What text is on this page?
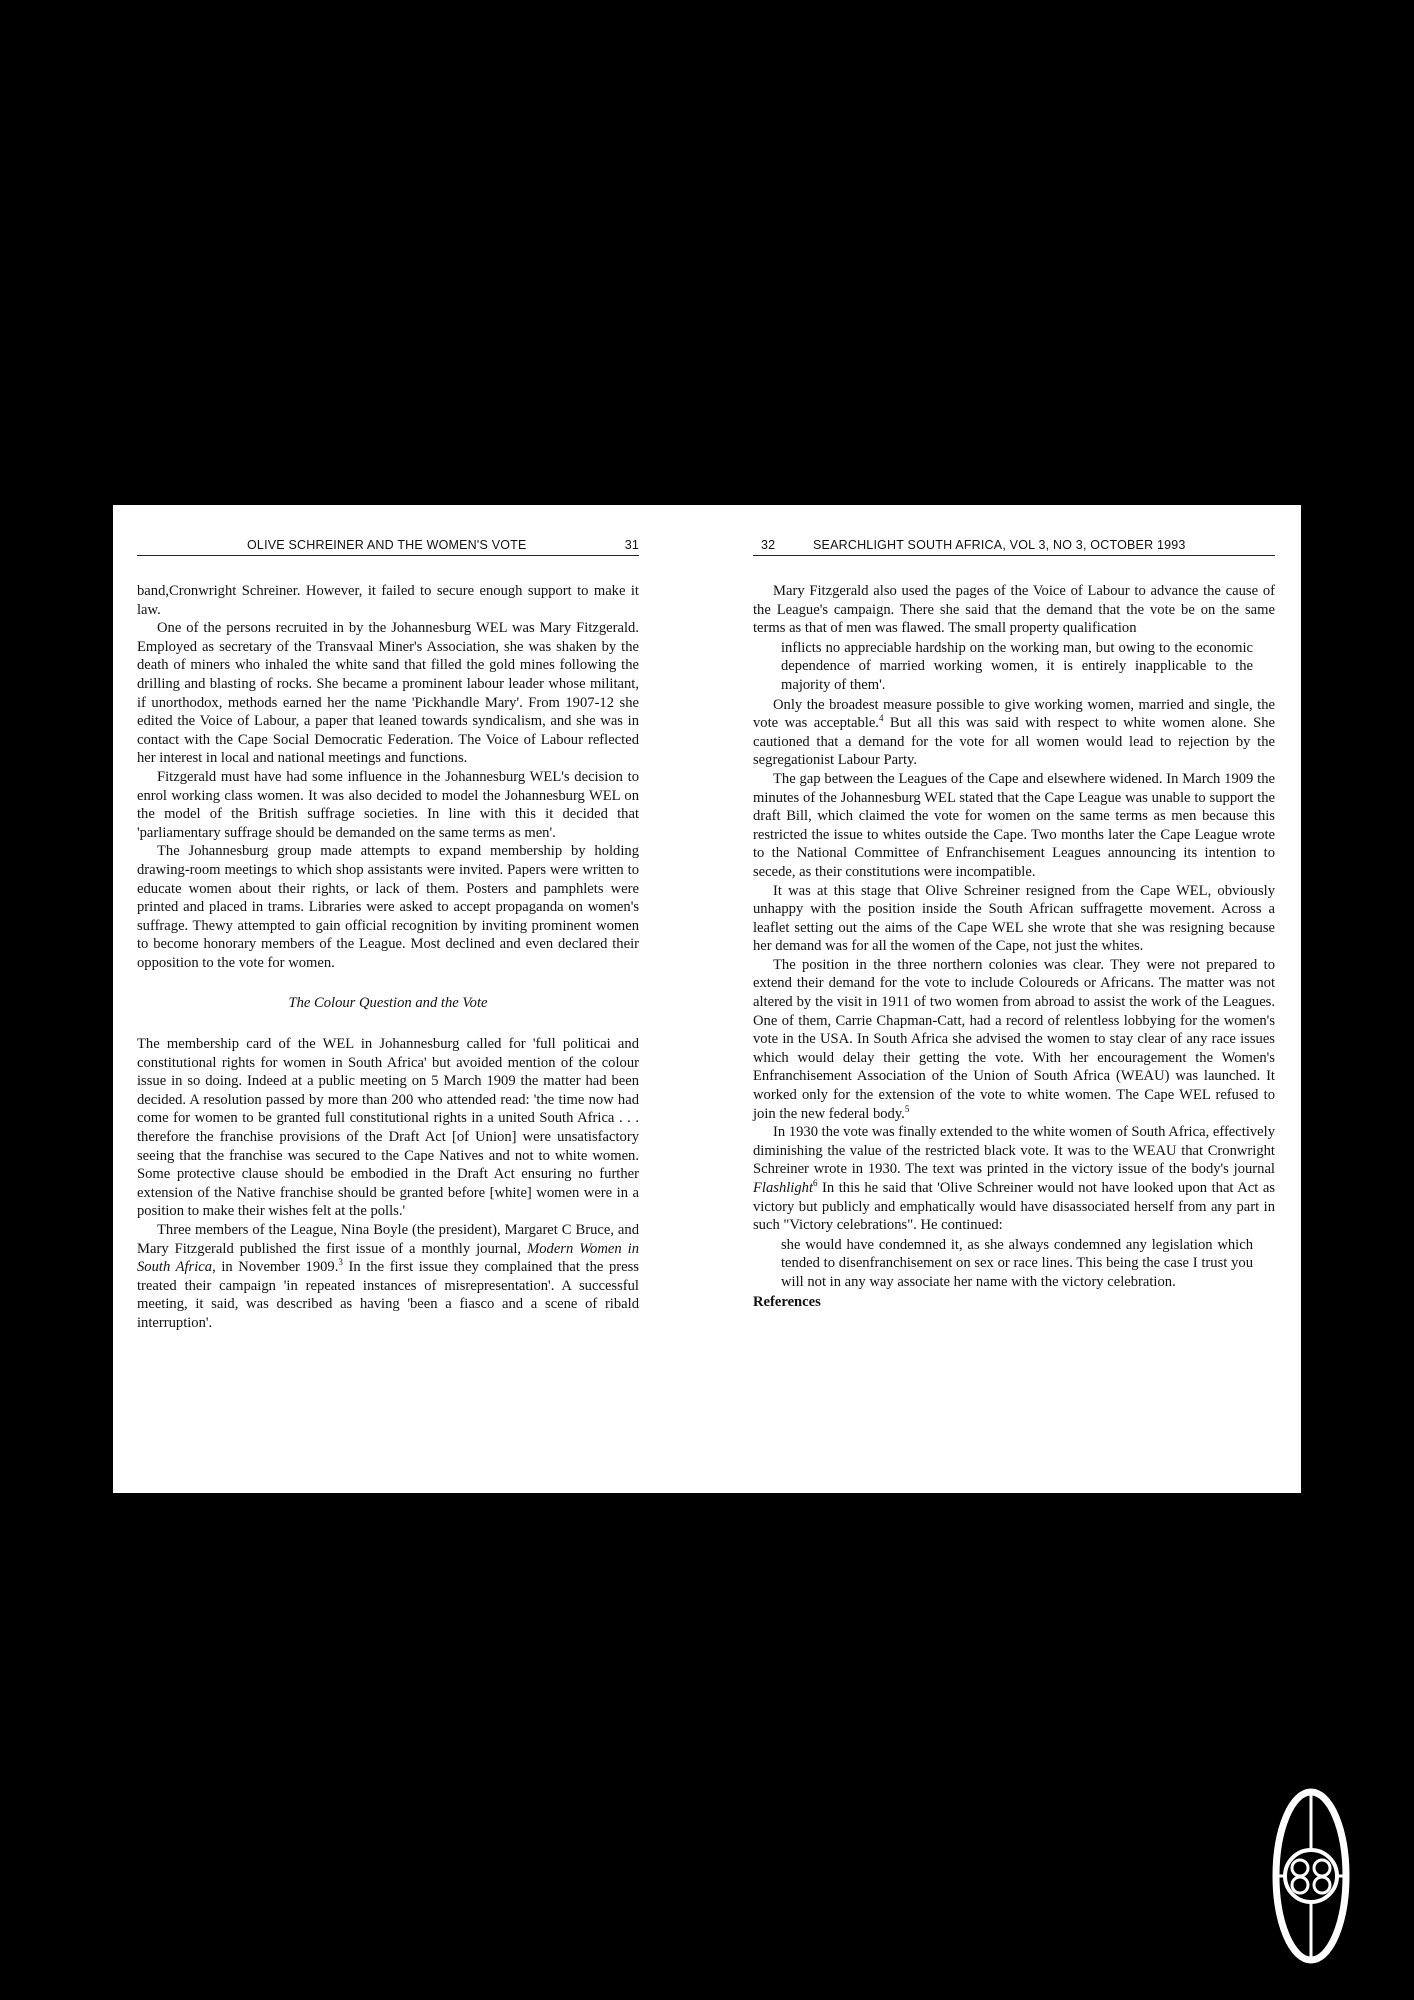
OLIVE SCHREINER AND THE WOMEN'S VOTE	31

band,Cronwright Schreiner. However, it failed to secure enough support to make it law.

One of the persons recruited in by the Johannesburg WEL was Mary Fitzgerald. Employed as secretary of the Transvaal Miner's Association, she was shaken by the death of miners who inhaled the white sand that filled the gold mines following the drilling and blasting of rocks. She became a prominent labour leader whose militant, if unorthodox, methods earned her the name 'Pickhandle Mary'. From 1907-12 she edited the Voice of Labour, a paper that leaned towards syndicalism, and she was in contact with the Cape Social Democratic Federation. The Voice of Labour reflected her interest in local and national meetings and functions.

Fitzgerald must have had some influence in the Johannesburg WEL's decision to enrol working class women. It was also decided to model the Johannesburg WEL on the model of the British suffrage societies. In line with this it decided that 'parliamentary suffrage should be demanded on the same terms as men'.

The Johannesburg group made attempts to expand membership by holding drawing-room meetings to which shop assistants were invited. Papers were written to educate women about their rights, or lack of them. Posters and pamphlets were printed and placed in trams. Libraries were asked to accept propaganda on women's suffrage. Thewy attempted to gain official recognition by inviting prominent women to become honorary members of the League. Most declined and even declared their opposition to the vote for women.

The Colour Question and the Vote

The membership card of the WEL in Johannesburg called for 'full politicai and constitutional rights for women in South Africa' but avoided mention of the colour issue in so doing. Indeed at a public meeting on 5 March 1909 the matter had been decided. A resolution passed by more than 200 who attended read: 'the time now had come for women to be granted full constitutional rights in a united South Africa . . . therefore the franchise provisions of the Draft Act [of Union] were unsatisfactory seeing that the franchise was secured to the Cape Natives and not to white women. Some protective clause should be embodied in the Draft Act ensuring no further extension of the Native franchise should be granted before [white] women were in a position to make their wishes felt at the polls.'

Three members of the League, Nina Boyle (the president), Margaret C Bruce, and Mary Fitzgerald published the first issue of a monthly journal, Modern Women in South Africa, in November 1909.$^3$ In the first issue they complained that the press treated their campaign 'in repeated instances of misrepresentation'. A successful meeting, it said, was described as having 'been a fiasco and a scene of ribald interruption'.

32	SEARCHLIGHT SOUTH AFRICA, VOL 3, NO 3, OCTOBER 1993

Mary Fitzgerald also used the pages of the Voice of Labour to advance the cause of the League's campaign. There she said that the demand that the vote be on the same terms as that of men was flawed. The small property qualification

inflicts no appreciable hardship on the working man, but owing to the economic dependence of married working women, it is entirely inapplicable to the majority of them'.

Only the broadest measure possible to give working women, married and single, the vote was acceptable.$^4$ But all this was said with respect to white women alone. She cautioned that a demand for the vote for all women would lead to rejection by the segregationist Labour Party.

The gap between the Leagues of the Cape and elsewhere widened. In March 1909 the minutes of the Johannesburg WEL stated that the Cape League was unable to support the draft Bill, which claimed the vote for women on the same terms as men because this restricted the issue to whites outside the Cape. Two months later the Cape League wrote to the National Committee of Enfranchisement Leagues announcing its intention to secede, as their constitutions were incompatible.

It was at this stage that Olive Schreiner resigned from the Cape WEL, obviously unhappy with the position inside the South African suffragette movement. Across a leaflet setting out the aims of the Cape WEL she wrote that she was resigning because her demand was for all the women of the Cape, not just the whites.

The position in the three northern colonies was clear. They were not prepared to extend their demand for the vote to include Coloureds or Africans. The matter was not altered by the visit in 1911 of two women from abroad to assist the work of the Leagues. One of them, Carrie Chapman-Catt, had a record of relentless lobbying for the women's vote in the USA. In South Africa she advised the women to stay clear of any race issues which would delay their getting the vote. With her encouragement the Women's Enfranchisement Association of the Union of South Africa (WEAU) was launched. It worked only for the extension of the vote to white women. The Cape WEL refused to join the new federal body.$^5$

In 1930 the vote was finally extended to the white women of South Africa, effectively diminishing the value of the restricted black vote. It was to the WEAU that Cronwright Schreiner wrote in 1930. The text was printed in the victory issue of the body's journal Flashlight$^6$ In this he said that 'Olive Schreiner would not have looked upon that Act as victory but publicly and emphatically would have disassociated herself from any part in such "Victory celebrations". He continued:

she would have condemned it, as she always condemned any legislation which tended to disenfranchisement on sex or race lines. This being the case I trust you will not in any way associate her name with the victory celebration.

References
